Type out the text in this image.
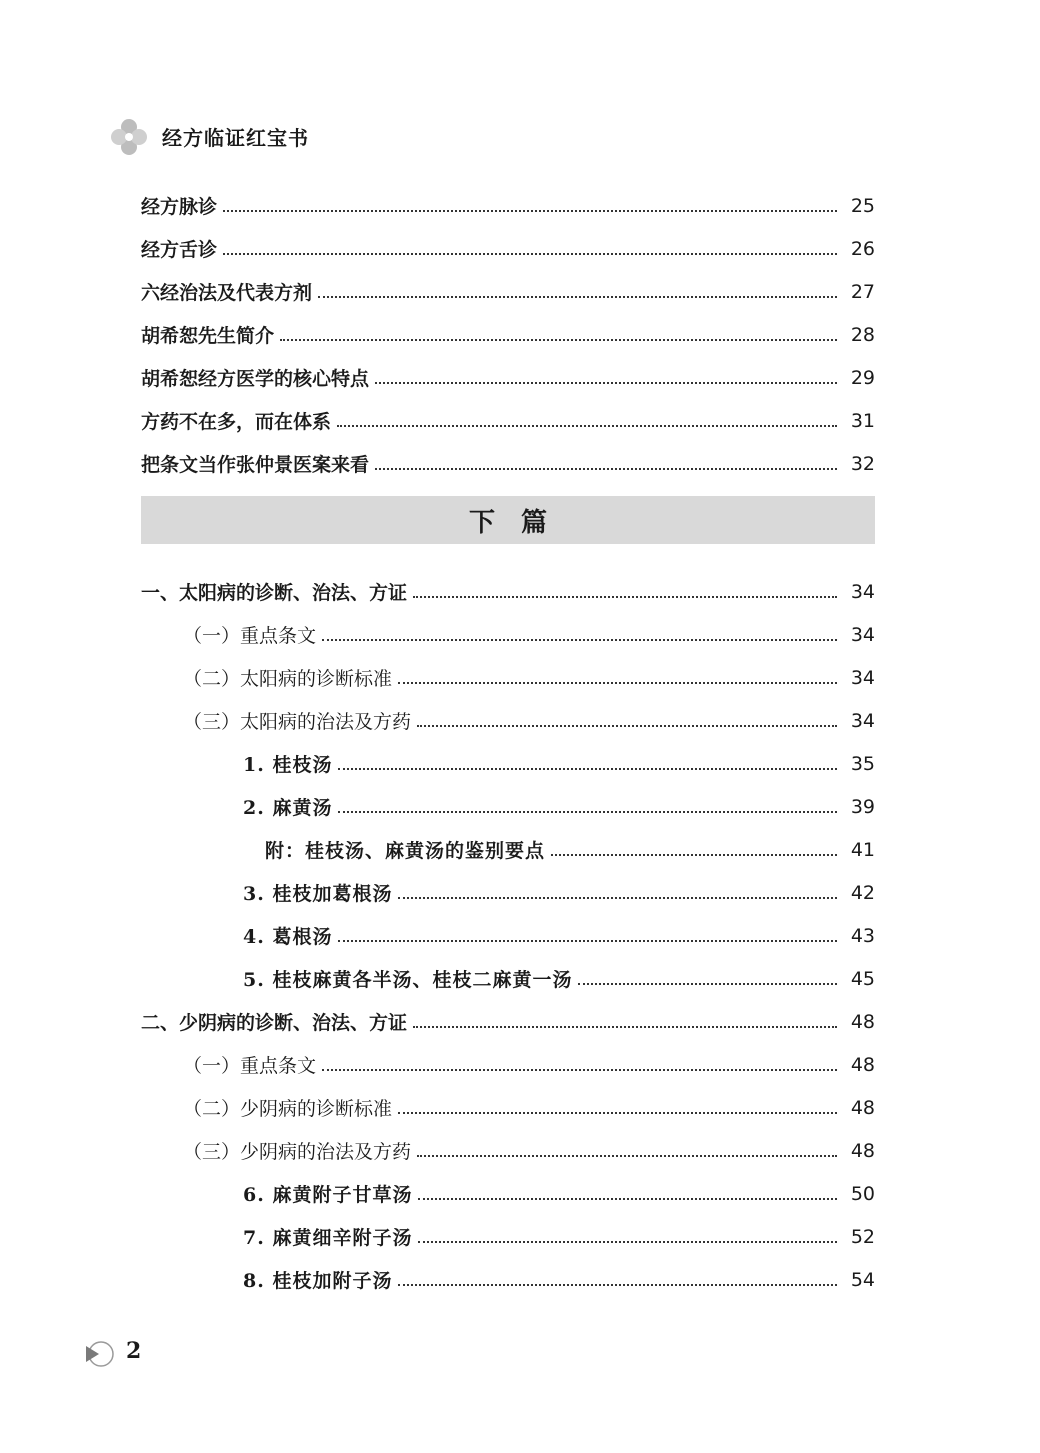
经方临证红宝书
经方脉诊	25
经方舌诊	26
六经治法及代表方剂	27
胡希恕先生简介	28
胡希恕经方医学的核心特点	29
方药不在多，而在体系	31
把条文当作张仲景医案来看	32
下篇
一、太阳病的诊断、治法、方证	34
（一）重点条文	34
（二）太阳病的诊断标准	34
（三）太阳病的治法及方药	34
1. 桂枝汤	35
2. 麻黄汤	39
附：桂枝汤、麻黄汤的鉴别要点	41
3. 桂枝加葛根汤	42
4. 葛根汤	43
5. 桂枝麻黄各半汤、桂枝二麻黄一汤	45
二、少阴病的诊断、治法、方证	48
（一）重点条文	48
（二）少阴病的诊断标准	48
（三）少阴病的治法及方药	48
6. 麻黄附子甘草汤	50
7. 麻黄细辛附子汤	52
8. 桂枝加附子汤	54
2
